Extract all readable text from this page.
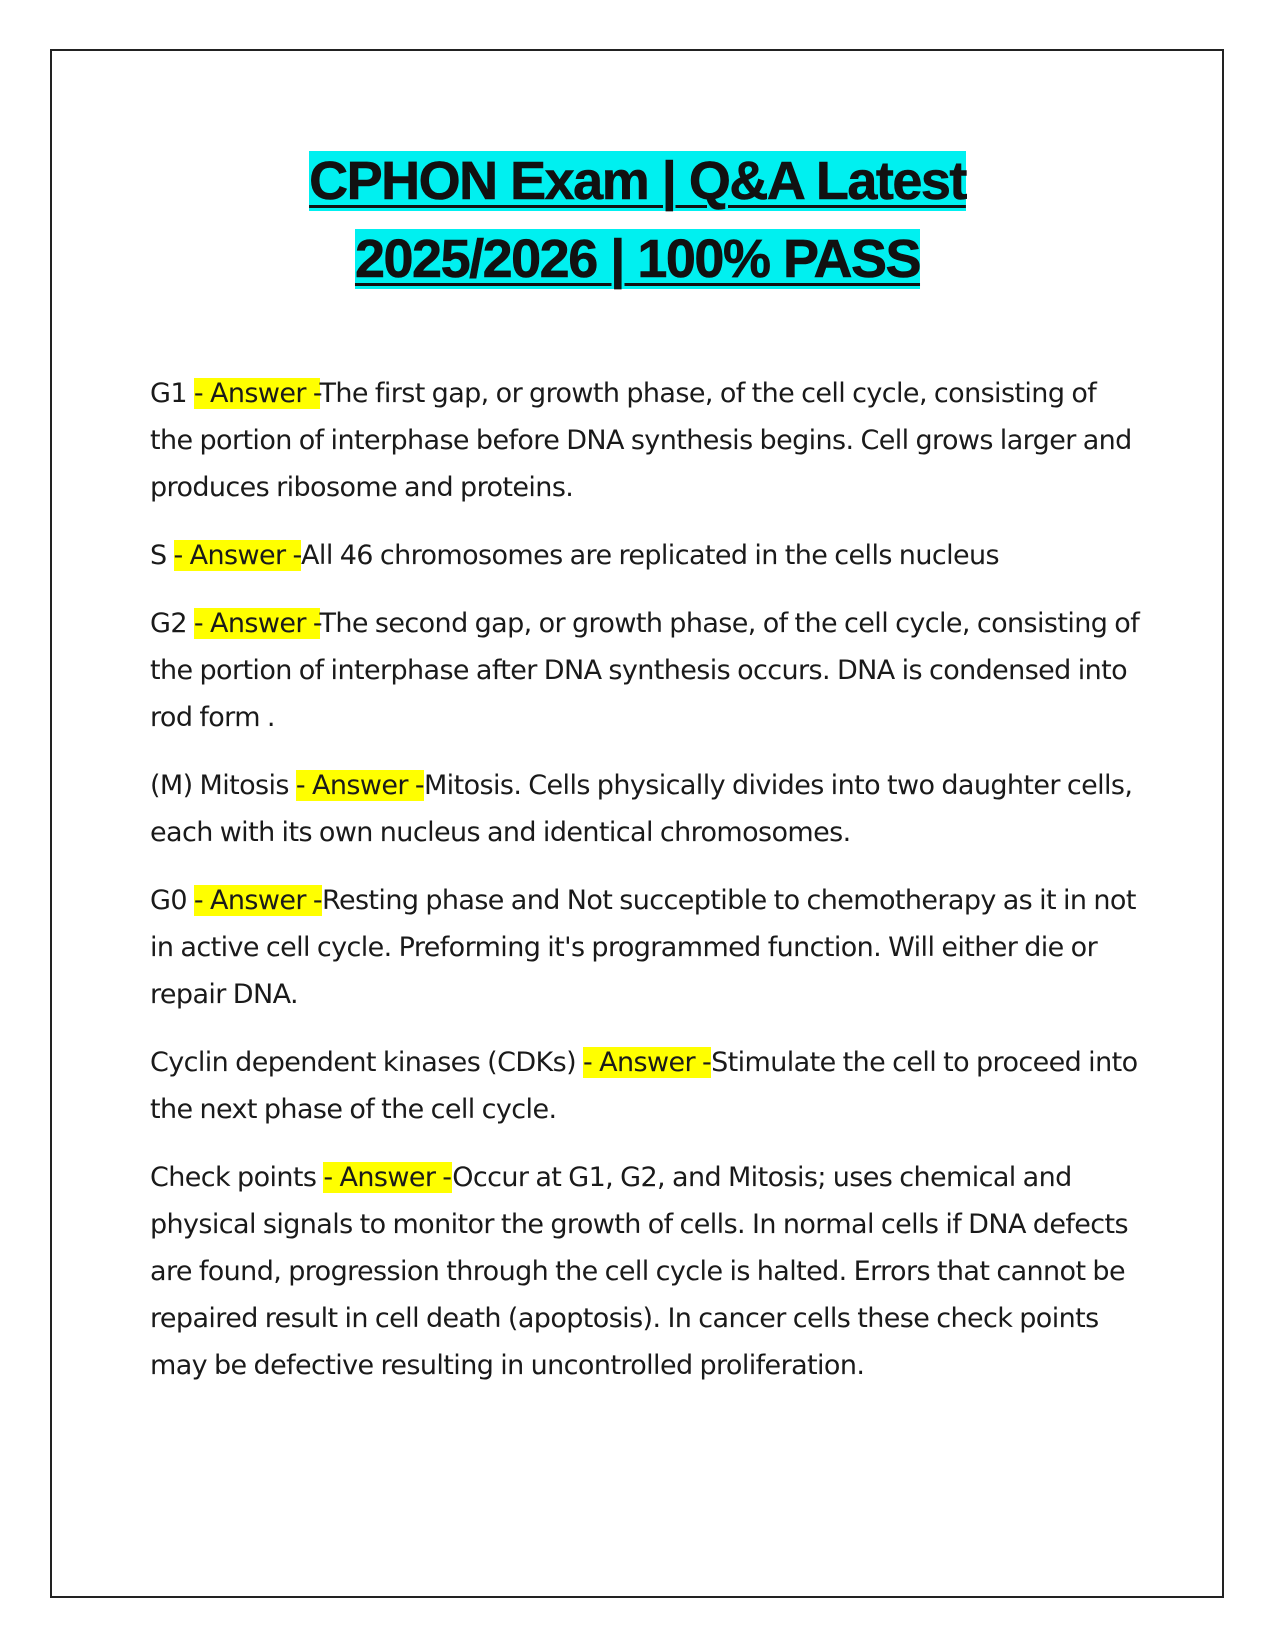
CPHON Exam | Q&A Latest
2025/2026 | 100% PASS

G1 - Answer -The first gap, or growth phase, of the cell cycle, consisting of the portion of interphase before DNA synthesis begins. Cell grows larger and produces ribosome and proteins.

S - Answer -All 46 chromosomes are replicated in the cells nucleus

G2 - Answer -The second gap, or growth phase, of the cell cycle, consisting of the portion of interphase after DNA synthesis occurs. DNA is condensed into rod form .

(M) Mitosis - Answer -Mitosis. Cells physically divides into two daughter cells, each with its own nucleus and identical chromosomes.

G0 - Answer -Resting phase and Not succeptible to chemotherapy as it in not in active cell cycle. Preforming it's programmed function. Will either die or repair DNA.

Cyclin dependent kinases (CDKs) - Answer -Stimulate the cell to proceed into the next phase of the cell cycle.

Check points - Answer -Occur at G1, G2, and Mitosis; uses chemical and physical signals to monitor the growth of cells. In normal cells if DNA defects are found, progression through the cell cycle is halted. Errors that cannot be repaired result in cell death (apoptosis). In cancer cells these check points may be defective resulting in uncontrolled proliferation.
